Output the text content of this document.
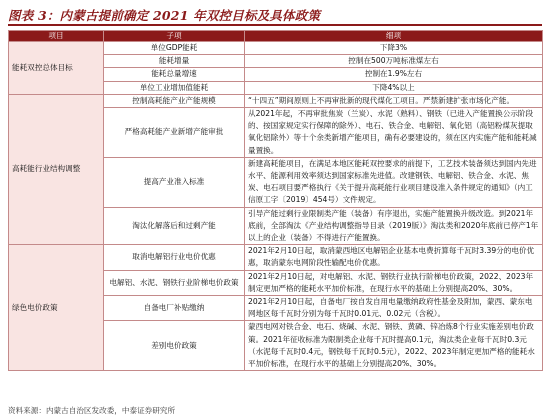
图表 3：内蒙古提前确定 2021 年双控目标及具体政策
项目	子项	细项
能耗双控总体目标	单位GDP能耗	下降3%
	能耗增量	控制在500万吨标准煤左右
	能耗总量增速	控制在1.9%左右
	单位工业增加值能耗	下降4%以上
高耗能行业结构调整	控制高耗能产业产能规模	“十四五”期间原则上不再审批新的现代煤化工项目。严禁新建扩张市场化产能。
	严格高耗能产业新增产能审批	从2021年起，不再审批焦炭（兰炭）、水泥（熟料）、钢铁（已进入产能置换公示阶段的、按国家规定实行保障的除外）、电石、铁合金、电解铝、氧化铝（高铝粉煤灰提取氧化铝除外）等十个余类新增产能项目，确有必要建设的，须在区内实施产能和能耗减量置换。
	提高产业准入标准	新建高耗能项目，在满足本地区能耗双控要求的前提下，工艺技术装备须达到国内先进水平、能源利用效率须达到国家标准先进值。改建钢铁、电解铝、铁合金、水泥、焦炭、电石项目要严格执行《关于提升高耗能行业项目建设准入条件规定的通知》（内工信原工字〔2019〕454号）文件规定。
	淘汰化解落后和过剩产能	引导产能过剩行业限制类产能（装备）有序退出，实施产能置换升级改造。到2021年底前，全部淘汰《产业结构调整指导目录（2019版）》淘汰类和2020年底前已停产1年以上的企业（装备）不得进行产能置换。
绿色电价政策	取消电解铝行业电价优惠	2021年2月10日起，取消蒙西地区电解铝企业基本电费折算每千瓦时3.39分的电价优惠，取消蒙东电网阶段性输配电价优惠。
	电解铝、水泥、钢铁行业阶梯电价政策	2021年2月10日起，对电解铝、水泥、钢铁行业执行阶梯电价政策，2022、2023年制定更加严格的能耗水平加价标准，在现行水平的基础上分别提高20%、30%。
	自备电厂补贴缴纳	2021年2月10日起，自备电厂按自发自用电量缴纳政府性基金及附加，蒙西、蒙东电网地区每千瓦时分别为每千瓦时0.01元、0.02元（含税）。
	差别电价政策	蒙西电网对铁合金、电石、烧碱、水泥、钢铁、黄磷、锌冶炼8个行业实施差别电价政策。2021年征收标准为限制类企业每千瓦时提高0.1元，淘汰类企业每千瓦时0.3元（水泥每千瓦时0.4元，钢铁每千瓦时0.5元），2022、2023年制定更加严格的能耗水平加价标准，在现行水平的基础上分别提高20%、30%。
资料来源：内蒙古自治区发改委，中泰证券研究所
